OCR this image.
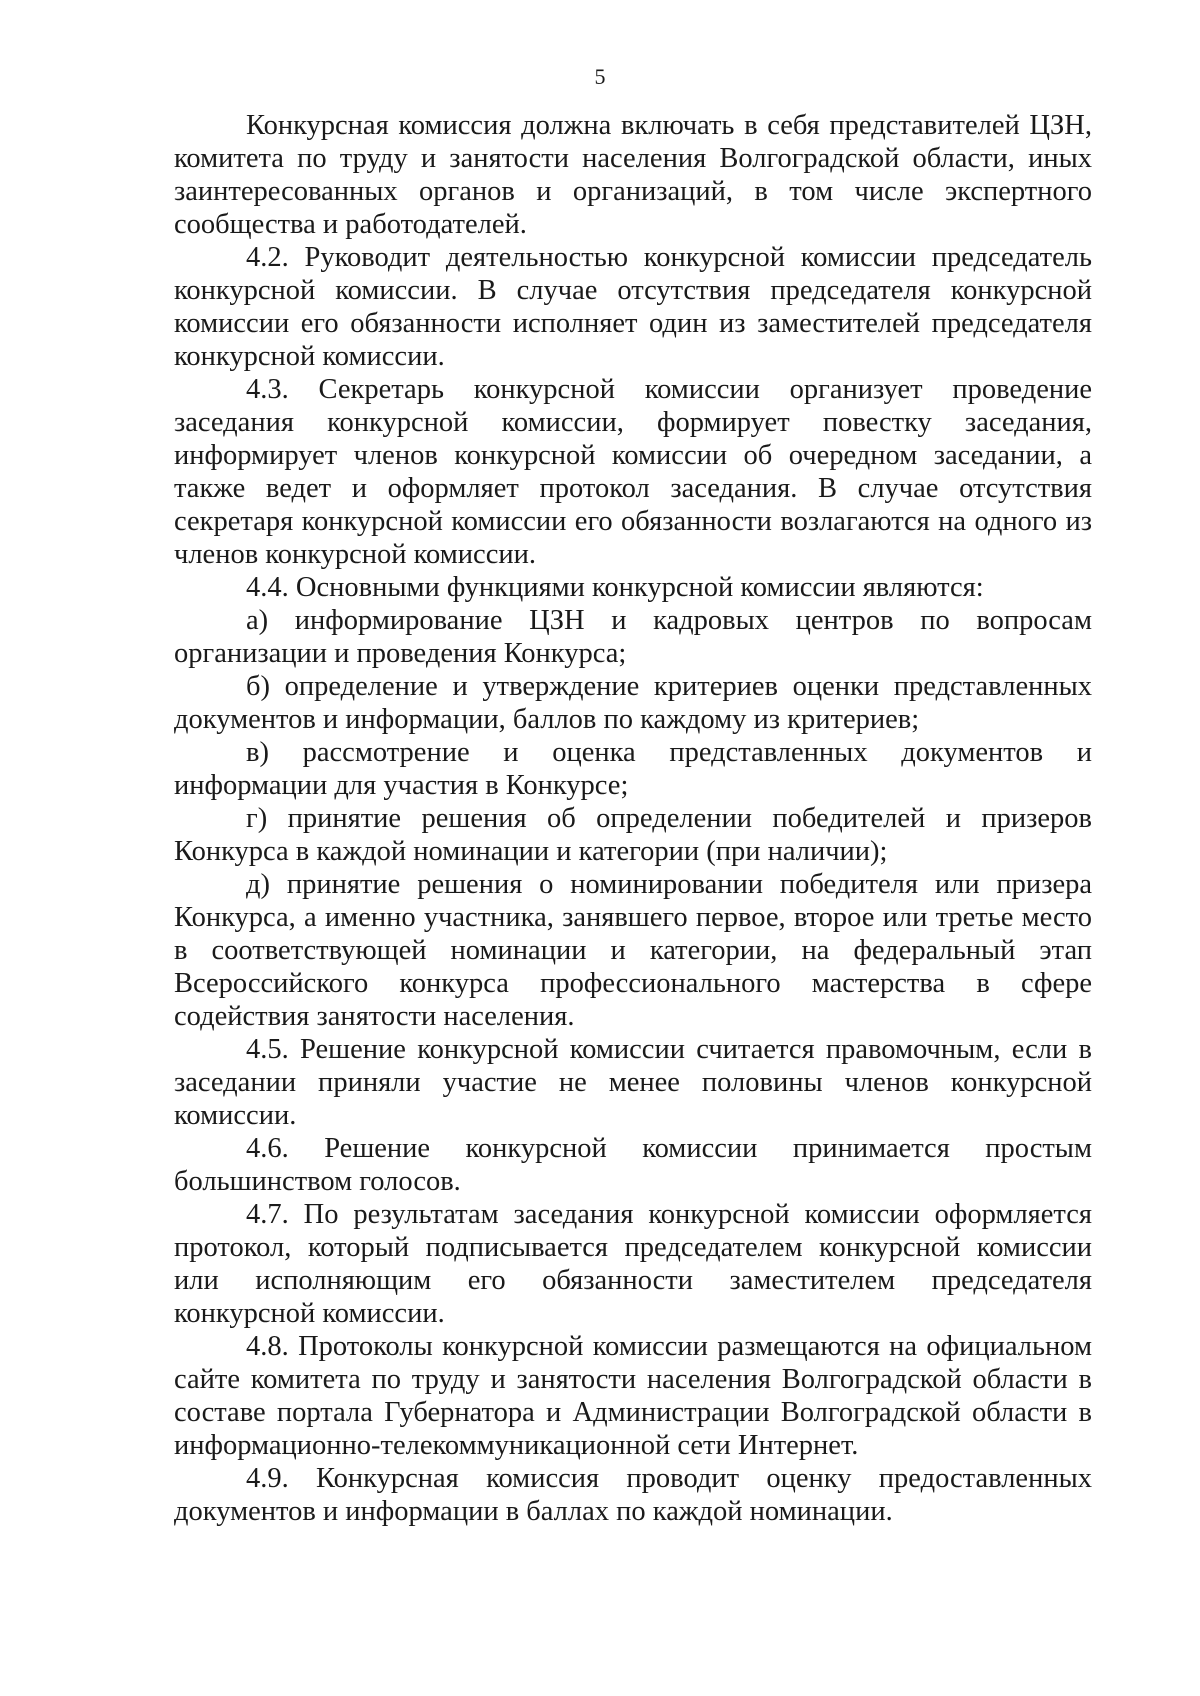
5

Конкурсная комиссия должна включать в себя представителей ЦЗН, комитета по труду и занятости населения Волгоградской области, иных заинтересованных органов и организаций, в том числе экспертного сообщества и работодателей.

4.2. Руководит деятельностью конкурсной комиссии председатель конкурсной комиссии. В случае отсутствия председателя конкурсной комиссии его обязанности исполняет один из заместителей председателя конкурсной комиссии.

4.3. Секретарь конкурсной комиссии организует проведение заседания конкурсной комиссии, формирует повестку заседания, информирует членов конкурсной комиссии об очередном заседании, а также ведет и оформляет протокол заседания. В случае отсутствия секретаря конкурсной комиссии его обязанности возлагаются на одного из членов конкурсной комиссии.

4.4. Основными функциями конкурсной комиссии являются:

а) информирование ЦЗН и кадровых центров по вопросам организации и проведения Конкурса;

б) определение и утверждение критериев оценки представленных документов и информации, баллов по каждому из критериев;

в) рассмотрение и оценка представленных документов и информации для участия в Конкурсе;

г) принятие решения об определении победителей и призеров Конкурса в каждой номинации и категории (при наличии);

д) принятие решения о номинировании победителя или призера Конкурса, а именно участника, занявшего первое, второе или третье место в соответствующей номинации и категории, на федеральный этап Всероссийского конкурса профессионального мастерства в сфере содействия занятости населения.

4.5. Решение конкурсной комиссии считается правомочным, если в заседании приняли участие не менее половины членов конкурсной комиссии.

4.6. Решение конкурсной комиссии принимается простым большинством голосов.

4.7. По результатам заседания конкурсной комиссии оформляется протокол, который подписывается председателем конкурсной комиссии или исполняющим его обязанности заместителем председателя конкурсной комиссии.

4.8. Протоколы конкурсной комиссии размещаются на официальном сайте комитета по труду и занятости населения Волгоградской области в составе портала Губернатора и Администрации Волгоградской области в информационно-телекоммуникационной сети Интернет.

4.9. Конкурсная комиссия проводит оценку предоставленных документов и информации в баллах по каждой номинации.
